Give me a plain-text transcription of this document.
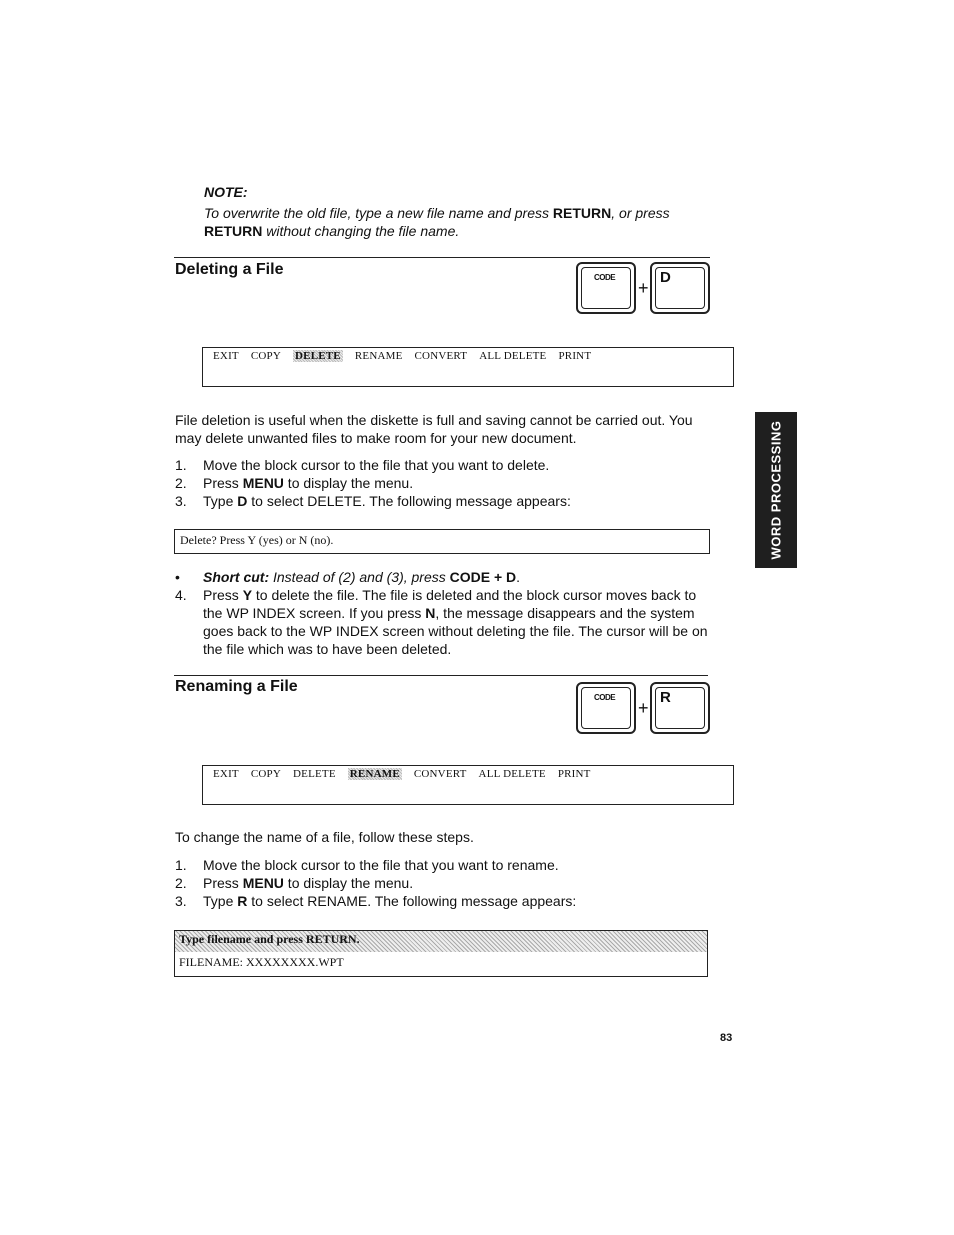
NOTE:
To overwrite the old file, type a new file name and press RETURN, or press
RETURN without changing the file name.
Deleting a File	CODE
+
D
EXIT COPY DELETE RENAME CONVERT ALL DELETE PRINT
File deletion is useful when the diskette is full and saving cannot be carried out. You
may delete unwanted files to make room for your new document.
1. Move the block cursor to the file that you want to delete.
2. Press MENU to display the menu.
3. Type D to select DELETE. The following message appears:
Delete? Press Y (yes) or N (no).
• Short cut: Instead of (2) and (3), press CODE + D.
4. Press Y to delete the file. The file is deleted and the block cursor moves back to
the WP INDEX screen. If you press N, the message disappears and the system
goes back to the WP INDEX screen without deleting the file. The cursor will be on
the file which was to have been deleted.
Renaming a File
CODE
+
R
EXIT COPY DELETE RENAME CONVERT ALL DELETE PRINT
To change the name of a file, follow these steps.
1. Move the block cursor to the file that you want to rename.
2. Press MENU to display the menu.
3. Type R to select RENAME. The following message appears:
Type filename and press RETURN.
FILENAME: XXXXXXXX.WPT
WORD PROCESSING
83
